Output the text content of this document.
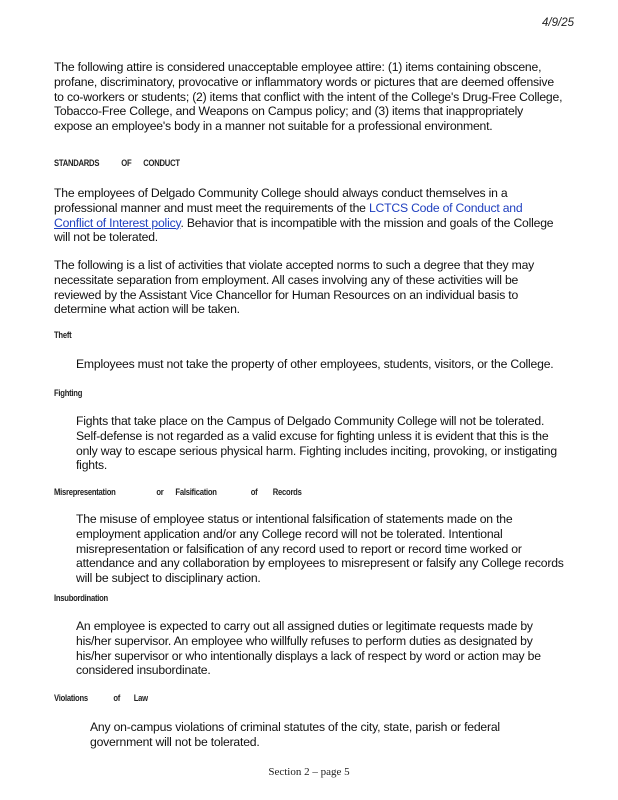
4/9/25

The following attire is considered unacceptable employee attire: (1) items containing obscene, profane, discriminatory, provocative or inflammatory words or pictures that are deemed offensive to co-workers or students; (2) items that conflict with the intent of the College's Drug-Free College, Tobacco-Free College, and Weapons on Campus policy; and (3) items that inappropriately expose an employee's body in a manner not suitable for a professional environment.

STANDARDS OF CONDUCT

The employees of Delgado Community College should always conduct themselves in a professional manner and must meet the requirements of the LCTCS Code of Conduct and Conflict of Interest policy. Behavior that is incompatible with the mission and goals of the College will not be tolerated.

The following is a list of activities that violate accepted norms to such a degree that they may necessitate separation from employment. All cases involving any of these activities will be reviewed by the Assistant Vice Chancellor for Human Resources on an individual basis to determine what action will be taken.

Theft

Employees must not take the property of other employees, students, visitors, or the College.

Fighting

Fights that take place on the Campus of Delgado Community College will not be tolerated. Self-defense is not regarded as a valid excuse for fighting unless it is evident that this is the only way to escape serious physical harm. Fighting includes inciting, provoking, or instigating fights.

Misrepresentation	or Falsification	of Records

The misuse of employee status or intentional falsification of statements made on the employment application and/or any College record will not be tolerated. Intentional misrepresentation or falsification of any record used to report or record time worked or attendance and any collaboration by employees to misrepresent or falsify any College records will be subject to disciplinary action.

Insubordination

An employee is expected to carry out all assigned duties or legitimate requests made by his/her supervisor. An employee who willfully refuses to perform duties as designated by his/her supervisor or who intentionally displays a lack of respect by word or action may be considered insubordinate.

Violations	of Law

Any on-campus violations of criminal statutes of the city, state, parish or federal government will not be tolerated.

Section 2 – page 5
